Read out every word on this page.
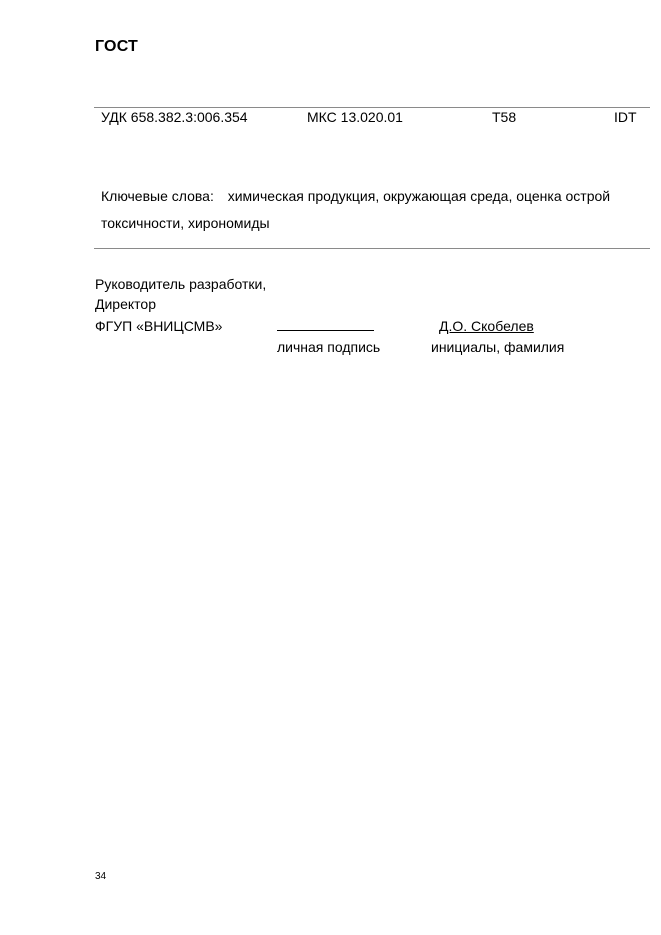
ГОСТ
УДК 658.382.3:006.354	МКС 13.020.01	Т58	IDT
Ключевые слова: химическая продукция, окружающая среда, оценка острой токсичности, хирономиды
Руководитель разработки,
Директор
ФГУП «ВНИЦСМВ»	Д.О. Скобелев
личная подпись	инициалы, фамилия
34
